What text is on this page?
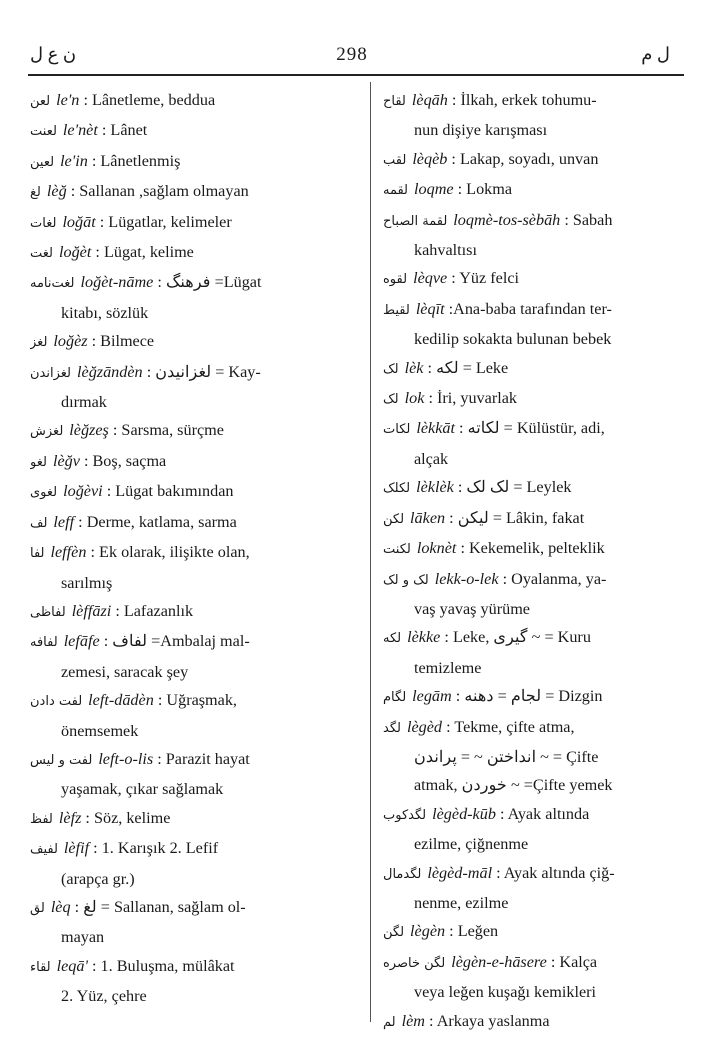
ن ع ل	298	ل م
لعن le'n : Lânetleme, beddua
لعنت le'nèt : Lânet
لعين le'in : Lânetlenmiş
لغ lèğ : Sallanan ,sağlam olmayan
لغات loğāt : Lügatlar, kelimeler
لغت loğèt : Lügat, kelime
لغت‌نامه loğèt-nāme : فرهنگ =Lügat
kitabı, sözlük
لغز loğèz : Bilmece
لغزاندن lèğzāndèn : لغزانیدن = Kay-
dırmak
لغزش lèğzeş : Sarsma, sürçme
لغو lèğv : Boş, saçma
لغوی loğèvi : Lügat bakımından
لف leff : Derme, katlama, sarma
لفا leffèn : Ek olarak, ilişikte olan,
sarılmış
لفاظی lèffāzi : Lafazanlık
لفافه lefāfe : لفاف =Ambalaj mal-
zemesi, saracak şey
لفت دادن left-dādèn : Uğraşmak,
önemsemek
لفت و لیس left-o-lis : Parazit hayat
yaşamak, çıkar sağlamak
لفظ lèfz : Söz, kelime
لفیف lèfif : 1. Karışık 2. Lefif
(arapça gr.)
لق lèq : لغ = Sallanan, sağlam ol-
mayan
لقاء leqā' : 1. Buluşma, mülâkat
2. Yüz, çehre
لقاح lèqāh : İlkah, erkek tohumu-
nun dişiye karışması
لقب lèqèb : Lakap, soyadı, unvan
لقمه loqme : Lokma
لقمة الصباح loqmè-tos-sèbāh : Sabah
kahvaltısı
لقوه lèqve : Yüz felci
لقیط lèqīt :Ana-baba tarafından ter-
kedilip sokakta bulunan bebek
لک lèk : لکه = Leke
لک lok : İri, yuvarlak
لکات lèkkāt : لکاته = Külüstür, adi,
alçak
لکلک lèklèk : لک لک = Leylek
لکن lāken : لیکن = Lâkin, fakat
لکنت loknèt : Kekemelik, pelteklik
لک و لک lekk-o-lek : Oyalanma, ya-
vaş yavaş yürüme
لکه lèkke : Leke, گیری ~ = Kuru
temizleme
لگام legām : لجام = دهنه = Dizgin
لگد lègèd : Tekme, çifte atma,
انداختن ~ = پراندن ~ = Çifte
atmak, خوردن ~ =Çifte yemek
لگدکوب lègèd-kūb : Ayak altında
ezilme, çiğnenme
لگدمال lègèd-māl : Ayak altında çiğ-
nenme, ezilme
لگن lègèn : Leğen
لگن خاصره lègèn-e-hāsere : Kalça
veya leğen kuşağı kemikleri
لم lèm : Arkaya yaslanma
